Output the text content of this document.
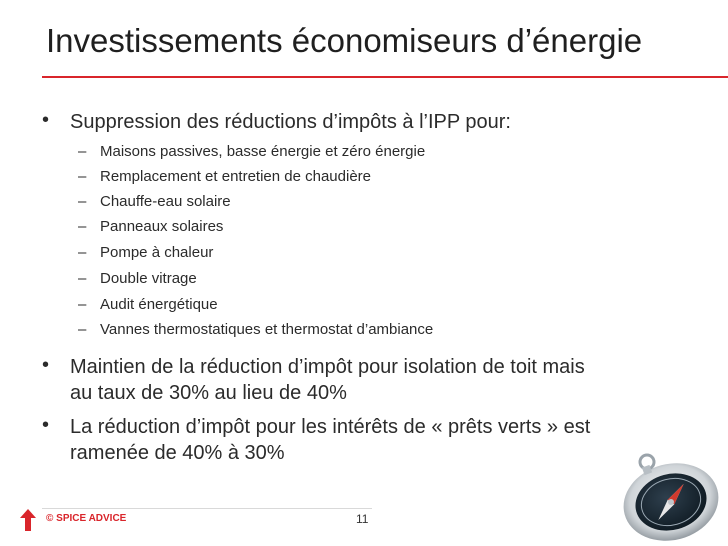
Investissements économiseurs d’énergie
• Suppression des réductions d’impôts à l’IPP pour:
– Maisons passives, basse énergie et zéro énergie
– Remplacement et entretien de chaudière
– Chauffe-eau solaire
– Panneaux solaires
– Pompe à chaleur
– Double vitrage
– Audit énergétique
– Vannes thermostatiques et thermostat d’ambiance
• Maintien de la réduction d’impôt pour isolation de toit mais
au taux de 30% au lieu de 40%
• La réduction d’impôt pour les intérêts de « prêts verts » est
ramenée de 40% à 30%
© SPICE ADVICE	11
